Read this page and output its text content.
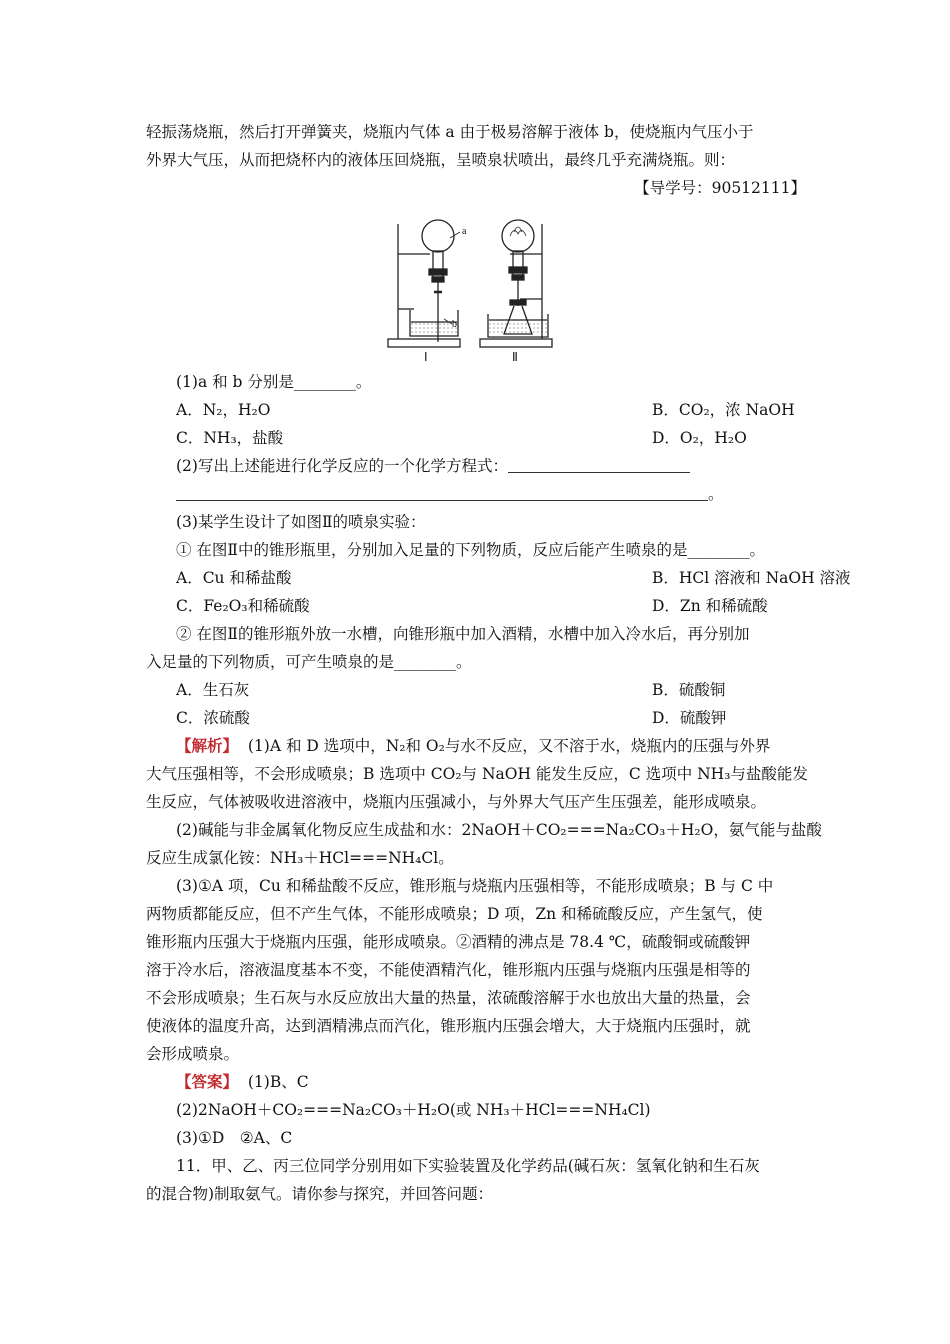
轻振荡烧瓶，然后打开弹簧夹，烧瓶内气体 a 由于极易溶解于液体 b，使烧瓶内气压小于
外界大气压，从而把烧杯内的液体压回烧瓶，呈喷泉状喷出，最终几乎充满烧瓶。则：
【导学号：90512111】
a
b
Ⅰ	Ⅱ
(1)a 和 b 分别是________。
A．N₂，H₂O	B．CO₂，浓 NaOH
C．NH₃，盐酸	D．O₂，H₂O
(2)写出上述能进行化学反应的一个化学方程式：
。
(3)某学生设计了如图Ⅱ的喷泉实验：
① 在图Ⅱ中的锥形瓶里，分别加入足量的下列物质，反应后能产生喷泉的是________。
A．Cu 和稀盐酸	B．HCl 溶液和 NaOH 溶液
C．Fe₂O₃和稀硫酸	D．Zn 和稀硫酸
② 在图Ⅱ的锥形瓶外放一水槽，向锥形瓶中加入酒精，水槽中加入冷水后，再分别加
入足量的下列物质，可产生喷泉的是________。
A．生石灰	B．硫酸铜
C．浓硫酸	D．硫酸钾
【解析】 (1)A 和 D 选项中，N₂和 O₂与水不反应，又不溶于水，烧瓶内的压强与外界
大气压强相等，不会形成喷泉；B 选项中 CO₂与 NaOH 能发生反应，C 选项中 NH₃与盐酸能发
生反应，气体被吸收进溶液中，烧瓶内压强减小，与外界大气压产生压强差，能形成喷泉。
(2)碱能与非金属氧化物反应生成盐和水：2NaOH＋CO₂===Na₂CO₃＋H₂O，氨气能与盐酸
反应生成氯化铵：NH₃＋HCl===NH₄Cl。
(3)①A 项，Cu 和稀盐酸不反应，锥形瓶与烧瓶内压强相等，不能形成喷泉；B 与 C 中
两物质都能反应，但不产生气体，不能形成喷泉；D 项，Zn 和稀硫酸反应，产生氢气，使
锥形瓶内压强大于烧瓶内压强，能形成喷泉。②酒精的沸点是 78.4 ℃，硫酸铜或硫酸钾
溶于冷水后，溶液温度基本不变，不能使酒精汽化，锥形瓶内压强与烧瓶内压强是相等的
不会形成喷泉；生石灰与水反应放出大量的热量，浓硫酸溶解于水也放出大量的热量，会
使液体的温度升高，达到酒精沸点而汽化，锥形瓶内压强会增大，大于烧瓶内压强时，就
会形成喷泉。
【答案】 (1)B、C
(2)2NaOH＋CO₂===Na₂CO₃＋H₂O(或 NH₃＋HCl===NH₄Cl)
(3)①D　②A、C
11．甲、乙、丙三位同学分别用如下实验装置及化学药品(碱石灰：氢氧化钠和生石灰
的混合物)制取氨气。请你参与探究，并回答问题：
